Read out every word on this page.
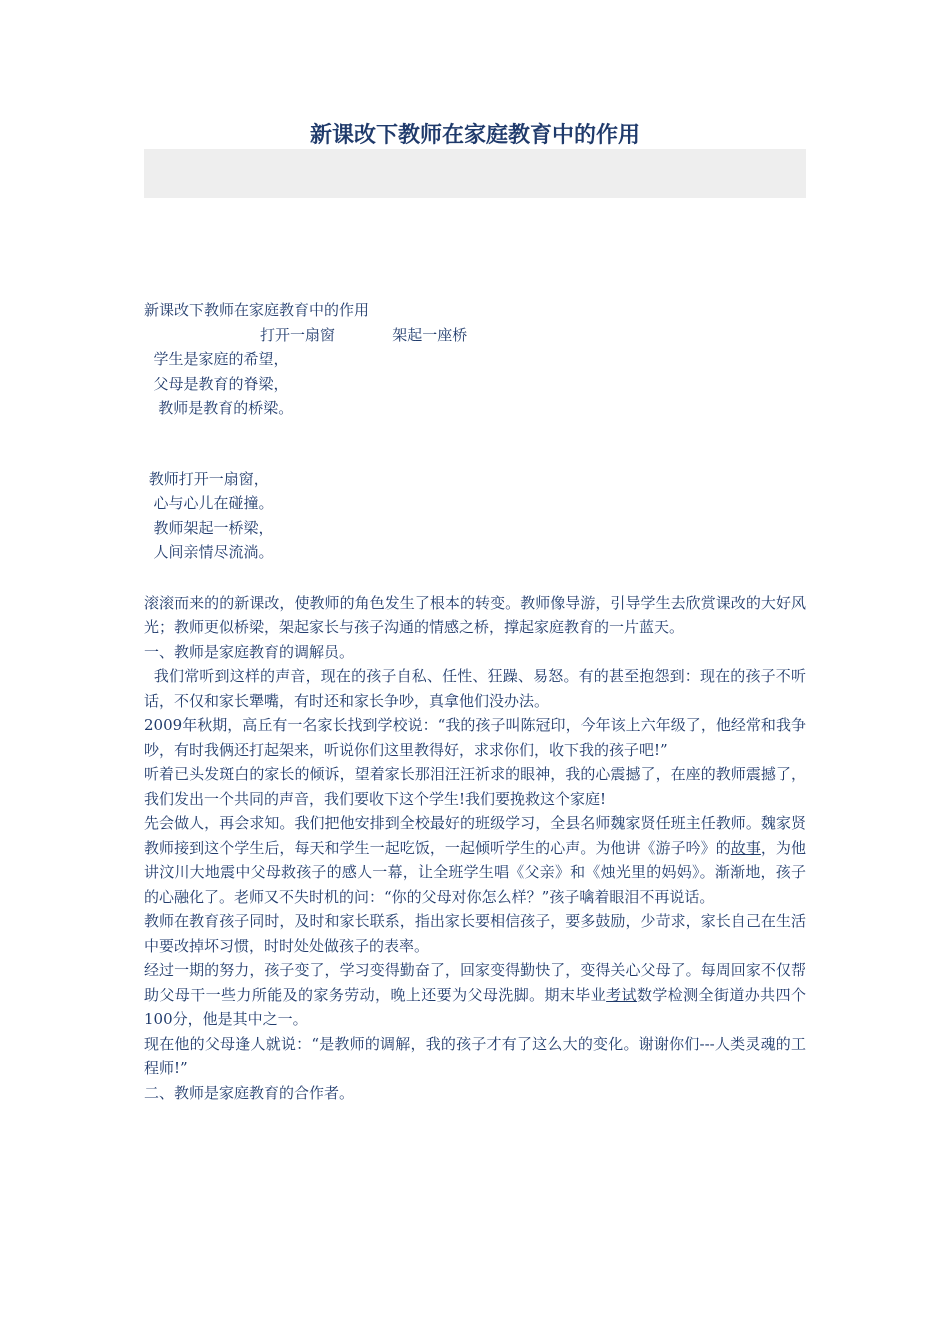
新课改下教师在家庭教育中的作用

新课改下教师在家庭教育中的作用

打开一扇窗	架起一座桥

学生是家庭的希望，

父母是教育的脊梁，

教师是教育的桥梁。

教师打开一扇窗，

心与心儿在碰撞。

教师架起一桥梁，

人间亲情尽流淌。

滚滚而来的的新课改，使教师的角色发生了根本的转变。教师像导游，引导学生去欣赏课改的大好风光；教师更似桥梁，架起家长与孩子沟通的情感之桥，撑起家庭教育的一片蓝天。

一、教师是家庭教育的调解员。

我们常听到这样的声音，现在的孩子自私、任性、狂躁、易怒。有的甚至抱怨到：现在的孩子不听话，不仅和家长犟嘴，有时还和家长争吵，真拿他们没办法。

2009年秋期，高丘有一名家长找到学校说：“我的孩子叫陈冠印，今年该上六年级了，他经常和我争吵，有时我俩还打起架来，听说你们这里教得好，求求你们，收下我的孩子吧!”

听着已头发斑白的家长的倾诉，望着家长那泪汪汪祈求的眼神，我的心震撼了，在座的教师震撼了，我们发出一个共同的声音，我们要收下这个学生!我们要挽救这个家庭!

先会做人，再会求知。我们把他安排到全校最好的班级学习，全县名师魏家贤任班主任教师。魏家贤教师接到这个学生后，每天和学生一起吃饭，一起倾听学生的心声。为他讲《游子吟》的故事，为他讲汶川大地震中父母救孩子的感人一幕，让全班学生唱《父亲》和《烛光里的妈妈》。渐渐地，孩子的心融化了。老师又不失时机的问：“你的父母对你怎么样？”孩子噙着眼泪不再说话。

教师在教育孩子同时，及时和家长联系，指出家长要相信孩子，要多鼓励，少苛求，家长自己在生活中要改掉坏习惯，时时处处做孩子的表率。

经过一期的努力，孩子变了，学习变得勤奋了，回家变得勤快了，变得关心父母了。每周回家不仅帮助父母干一些力所能及的家务劳动，晚上还要为父母洗脚。期末毕业考试数学检测全街道办共四个100分，他是其中之一。

现在他的父母逢人就说：“是教师的调解，我的孩子才有了这么大的变化。谢谢你们---人类灵魂的工程师!”

二、教师是家庭教育的合作者。
